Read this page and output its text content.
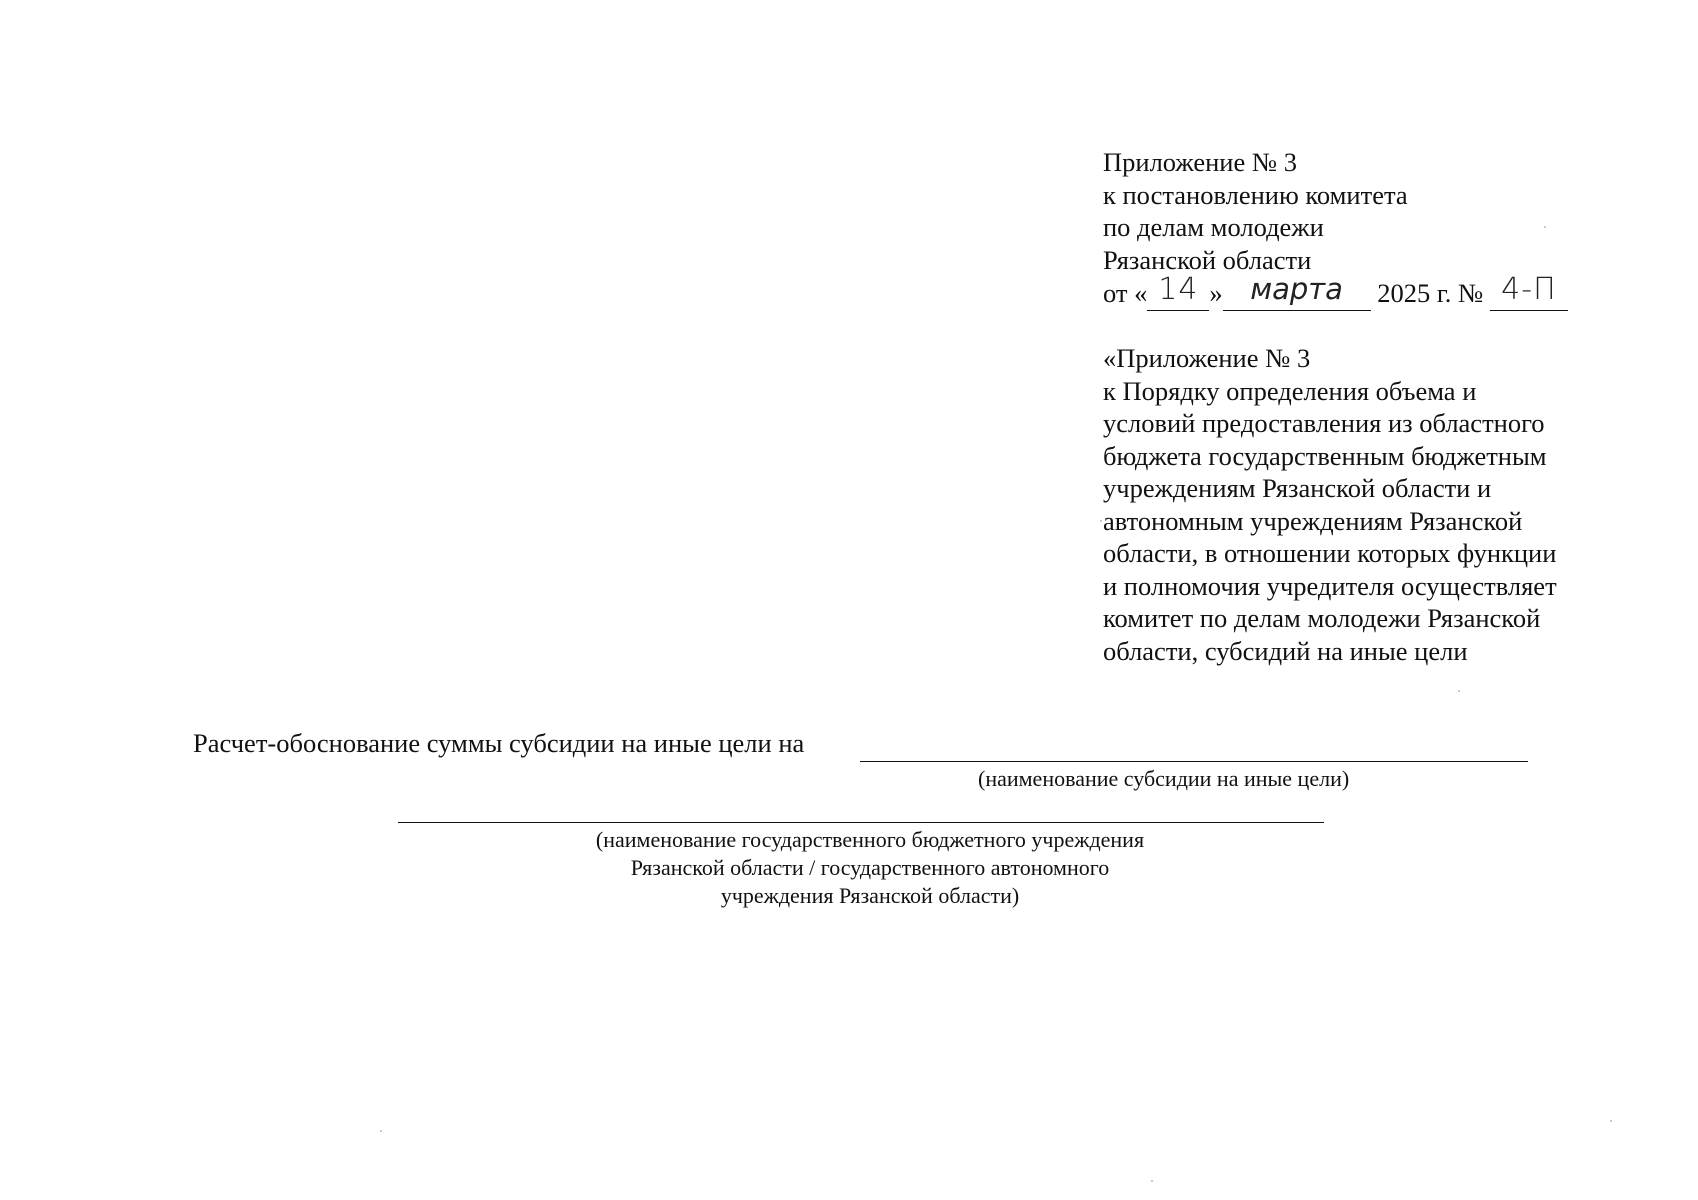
Приложение № 3
к постановлению комитета
по делам молодежи
Рязанской области
от « 14 » марта 2025 г. № 4-П
«Приложение № 3
к Порядку определения объема и
условий предоставления из областного
бюджета государственным бюджетным
учреждениям Рязанской области и
автономным учреждениям Рязанской
области, в отношении которых функции
и полномочия учредителя осуществляет
комитет по делам молодежи Рязанской
области, субсидий на иные цели
Расчет-обоснование суммы субсидии на иные цели на
(наименование субсидии на иные цели)
(наименование государственного бюджетного учреждения
Рязанской области / государственного автономного
учреждения Рязанской области)
